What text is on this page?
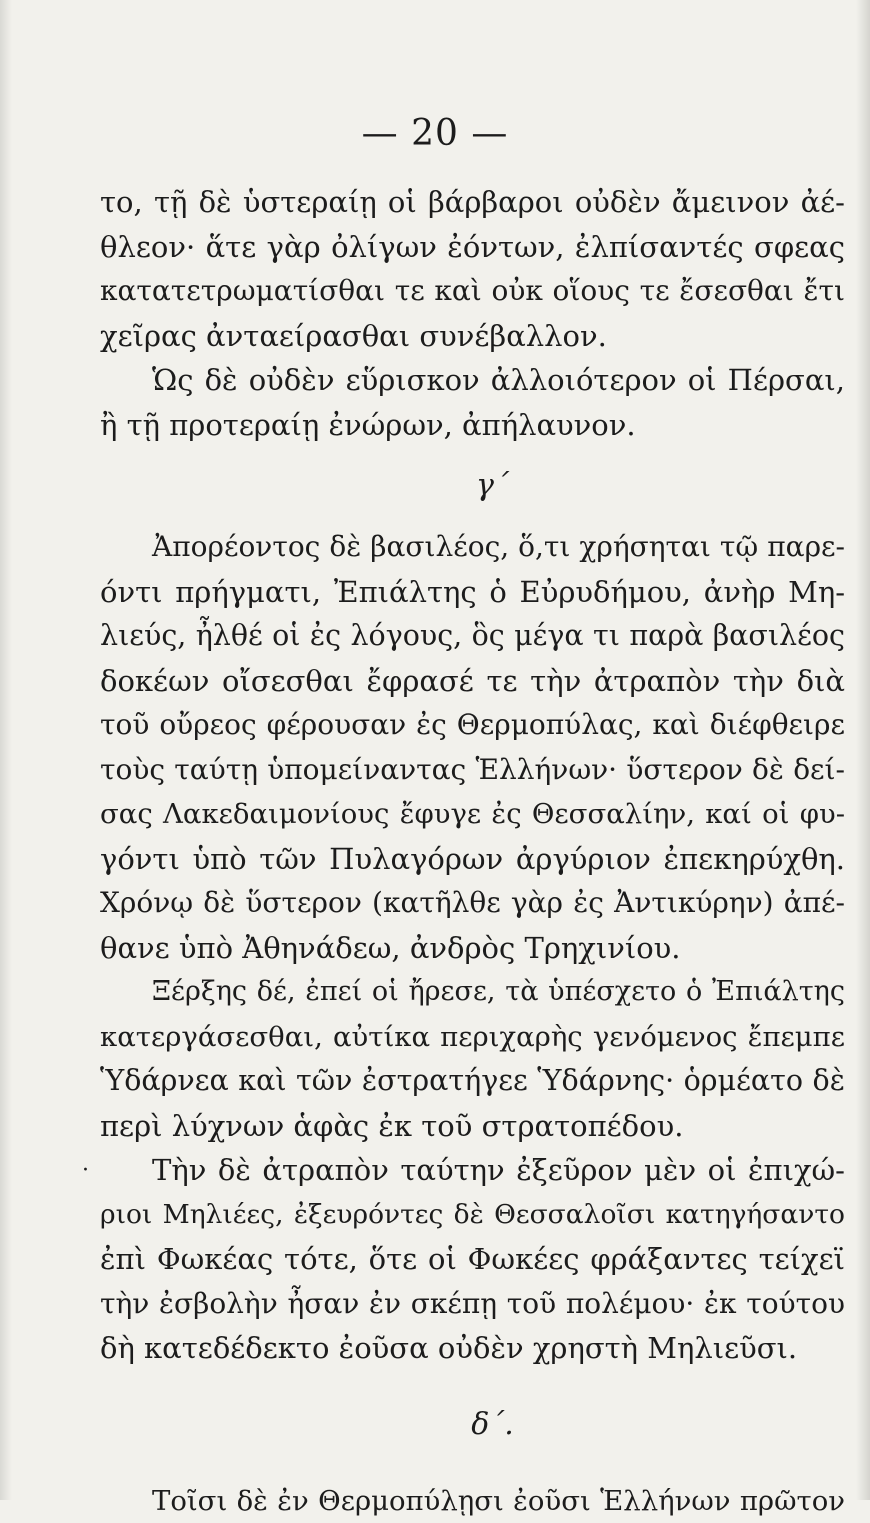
— 20 —
·
το, τῇ δὲ ὑστεραίῃ οἱ βάρβαροι οὐδὲν ἄμεινον ἀέ-
θλεον· ἅτε γὰρ ὀλίγων ἐόντων, ἐλπίσαντές σφεας
κατατετρωματίσθαι τε καὶ οὐκ οἵους τε ἔσεσθαι ἔτι
χεῖρας ἀνταείρασθαι συνέβαλλον.
Ὡς δὲ οὐδὲν εὕρισκον ἀλλοιότερον οἱ Πέρσαι,
ἢ τῇ προτεραίῃ ἐνώρων, ἀπήλαυνον.
γ΄
Ἀπορέοντος δὲ βασιλέος, ὅ,τι χρήσηται τῷ παρε-
όντι πρήγματι, Ἐπιάλτης ὁ Εὐρυδήμου, ἀνὴρ Μη-
λιεύς, ἦλθέ οἱ ἐς λόγους, ὃς μέγα τι παρὰ βασιλέος
δοκέων οἴσεσθαι ἔφρασέ τε τὴν ἀτραπὸν τὴν διὰ
τοῦ οὔρεος φέρουσαν ἐς Θερμοπύλας, καὶ διέφθειρε
τοὺς ταύτῃ ὑπομείναντας Ἑλλήνων· ὕστερον δὲ δεί-
σας Λακεδαιμονίους ἔφυγε ἐς Θεσσαλίην, καί οἱ φυ-
γόντι ὑπὸ τῶν Πυλαγόρων ἀργύριον ἐπεκηρύχθη.
Χρόνῳ δὲ ὕστερον (κατῆλθε γὰρ ἐς Ἀντικύρην) ἀπέ-
θανε ὑπὸ Ἀθηνάδεω, ἀνδρὸς Τρηχινίου.
Ξέρξης δέ, ἐπεί οἱ ἤρεσε, τὰ ὑπέσχετο ὁ Ἐπιάλτης
κατεργάσεσθαι, αὐτίκα περιχαρὴς γενόμενος ἔπεμπε
Ὑδάρνεα καὶ τῶν ἐστρατήγεε Ὑδάρνης· ὁρμέατο δὲ
περὶ λύχνων ἁφὰς ἐκ τοῦ στρατοπέδου.
Τὴν δὲ ἀτραπὸν ταύτην ἐξεῦρον μὲν οἱ ἐπιχώ-
ριοι Μηλιέες, ἐξευρόντες δὲ Θεσσαλοῖσι κατηγήσαντο
ἐπὶ Φωκέας τότε, ὅτε οἱ Φωκέες φράξαντες τείχεϊ
τὴν ἐσβολὴν ἦσαν ἐν σκέπῃ τοῦ πολέμου· ἐκ τούτου
δὴ κατεδέδεκτο ἐοῦσα οὐδὲν χρηστὴ Μηλιεῦσι.
δ΄.
Τοῖσι δὲ ἐν Θερμοπύλῃσι ἐοῦσι Ἑλλήνων πρῶτον
